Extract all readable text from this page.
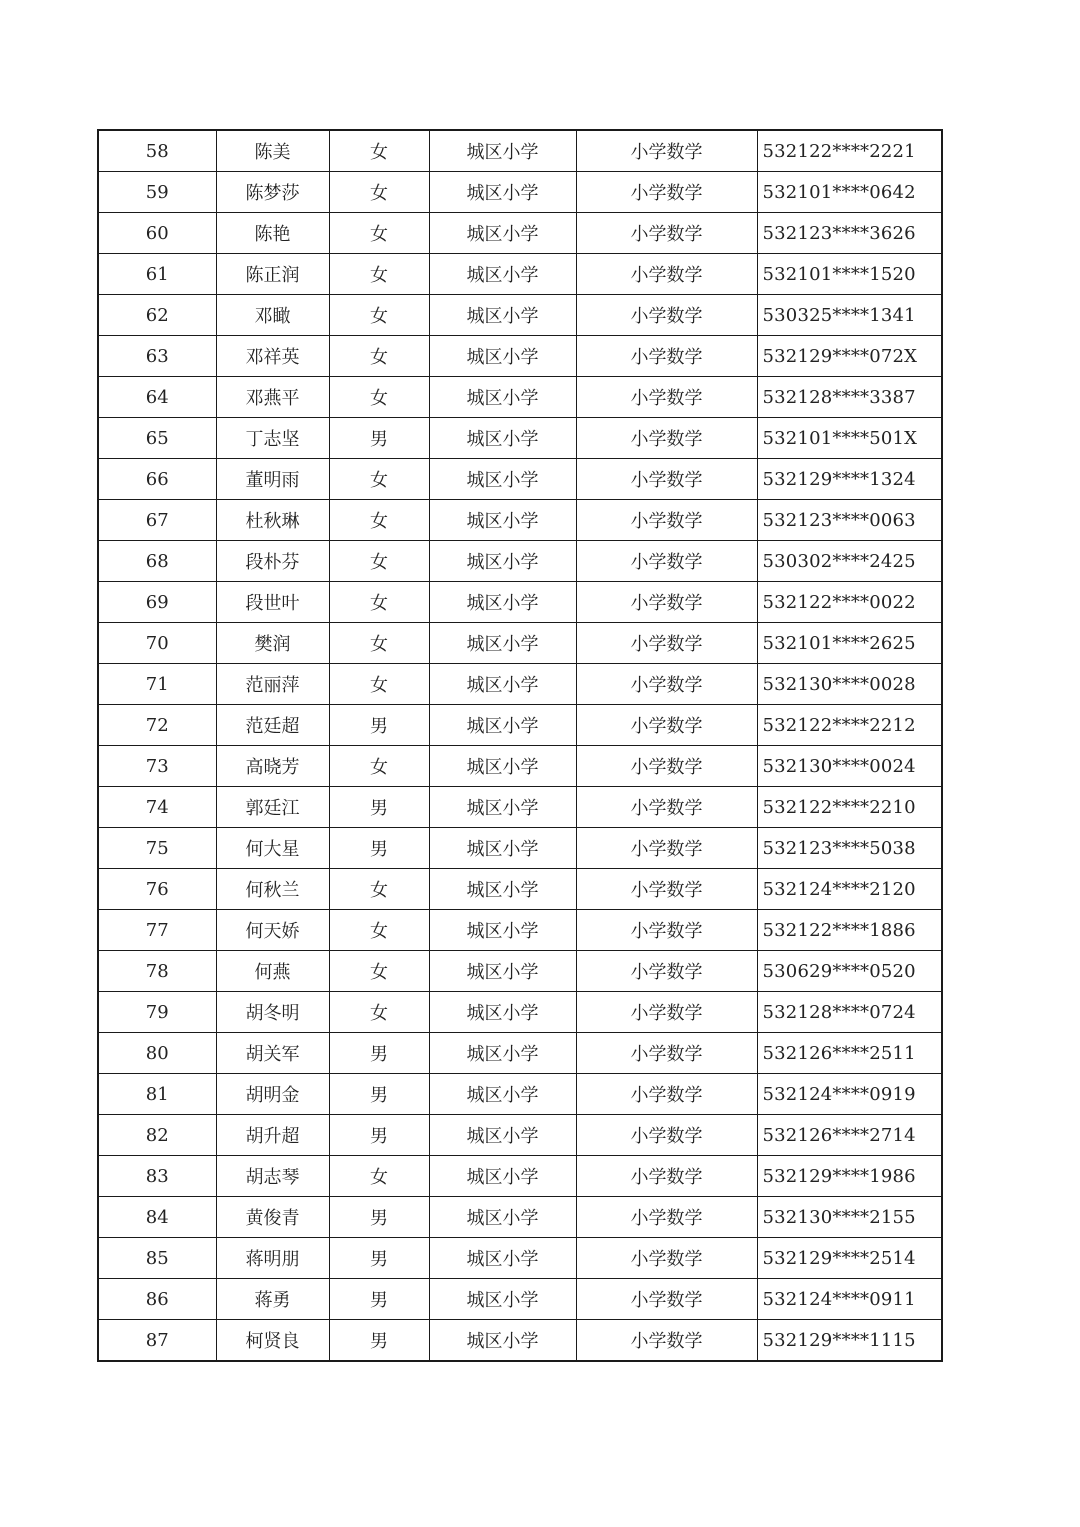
58	陈美	女	城区小学	小学数学	532122****2221
59	陈梦莎	女	城区小学	小学数学	532101****0642
60	陈艳	女	城区小学	小学数学	532123****3626
61	陈正润	女	城区小学	小学数学	532101****1520
62	邓瞰	女	城区小学	小学数学	530325****1341
63	邓祥英	女	城区小学	小学数学	532129****072X
64	邓燕平	女	城区小学	小学数学	532128****3387
65	丁志坚	男	城区小学	小学数学	532101****501X
66	董明雨	女	城区小学	小学数学	532129****1324
67	杜秋琳	女	城区小学	小学数学	532123****0063
68	段朴芬	女	城区小学	小学数学	530302****2425
69	段世叶	女	城区小学	小学数学	532122****0022
70	樊润	女	城区小学	小学数学	532101****2625
71	范丽萍	女	城区小学	小学数学	532130****0028
72	范廷超	男	城区小学	小学数学	532122****2212
73	高晓芳	女	城区小学	小学数学	532130****0024
74	郭廷江	男	城区小学	小学数学	532122****2210
75	何大星	男	城区小学	小学数学	532123****5038
76	何秋兰	女	城区小学	小学数学	532124****2120
77	何天娇	女	城区小学	小学数学	532122****1886
78	何燕	女	城区小学	小学数学	530629****0520
79	胡冬明	女	城区小学	小学数学	532128****0724
80	胡关军	男	城区小学	小学数学	532126****2511
81	胡明金	男	城区小学	小学数学	532124****0919
82	胡升超	男	城区小学	小学数学	532126****2714
83	胡志琴	女	城区小学	小学数学	532129****1986
84	黄俊青	男	城区小学	小学数学	532130****2155
85	蒋明朋	男	城区小学	小学数学	532129****2514
86	蒋勇	男	城区小学	小学数学	532124****0911
87	柯贤良	男	城区小学	小学数学	532129****1115
